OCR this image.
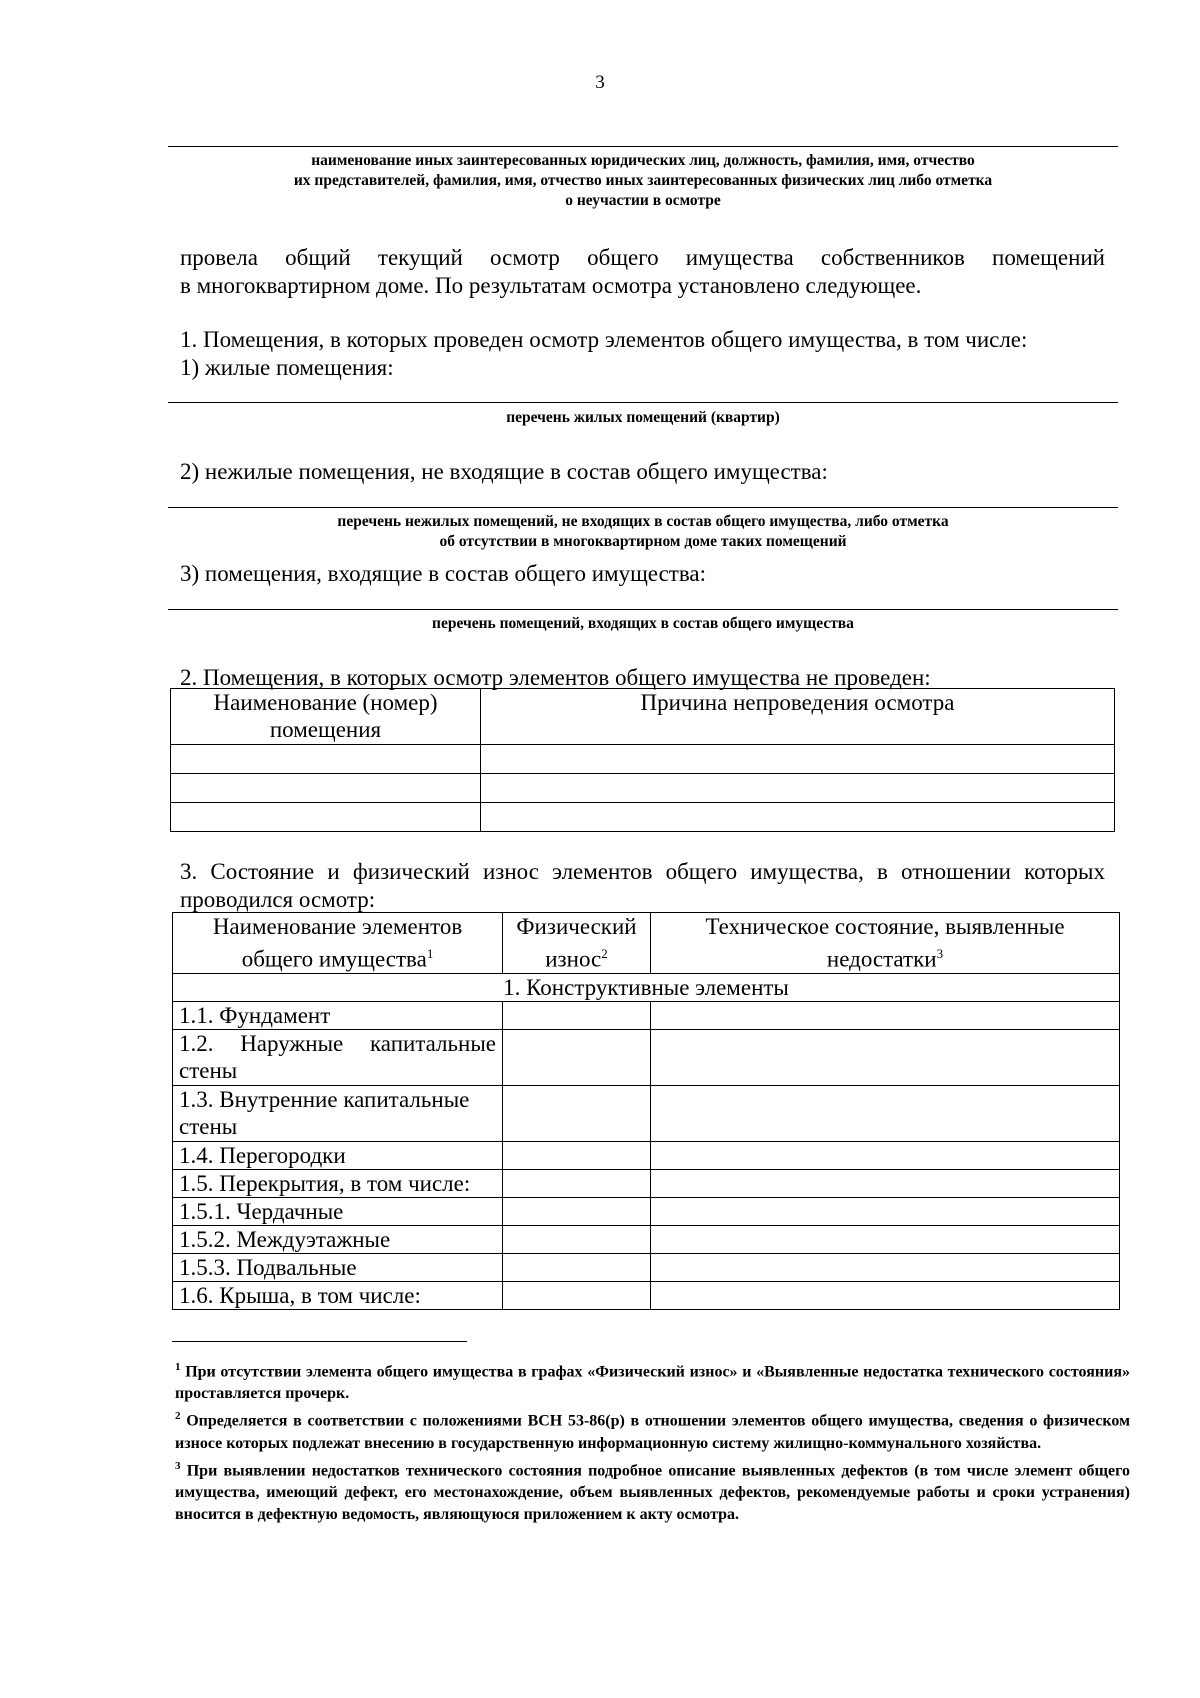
3
наименование иных заинтересованных юридических лиц, должность, фамилия, имя, отчество
их представителей, фамилия, имя, отчество иных заинтересованных физических лиц либо отметка
о неучастии в осмотре
провела общий текущий осмотр общего имущества собственников помещений
в многоквартирном доме. По результатам осмотра установлено следующее.
1. Помещения, в которых проведен осмотр элементов общего имущества, в том числе:
1) жилые помещения:
перечень жилых помещений (квартир)
2) нежилые помещения, не входящие в состав общего имущества:
перечень нежилых помещений, не входящих в состав общего имущества, либо отметка
об отсутствии в многоквартирном доме таких помещений
3) помещения, входящие в состав общего имущества:
перечень помещений, входящих в состав общего имущества
2. Помещения, в которых осмотр элементов общего имущества не проведен:
Наименование (номер) помещения	Причина непроведения осмотра

3. Состояние и физический износ элементов общего имущества, в отношении которых
проводился осмотр:
Наименование элементов общего имущества$^1$	Физический износ$^2$	Техническое состояние, выявленные недостатки$^3$
1. Конструктивные элементы		
1.1. Фундамент		
1.2. Наружные капитальные стены		
1.3. Внутренние капитальные стены		
1.4. Перегородки		
1.5. Перекрытия, в том числе:		
1.5.1. Чердачные		
1.5.2. Междуэтажные		
1.5.3. Подвальные		
1.6. Крыша, в том числе:		

$^1$ При отсутствии элемента общего имущества в графах «Физический износ» и «Выявленные недостатка технического состояния» проставляется прочерк.

$^2$ Определяется в соответствии с положениями ВСН 53-86(р) в отношении элементов общего имущества, сведения о физическом износе которых подлежат внесению в государственную информационную систему жилищно-коммунального хозяйства.

$^3$ При выявлении недостатков технического состояния подробное описание выявленных дефектов (в том числе элемент общего имущества, имеющий дефект, его местонахождение, объем выявленных дефектов, рекомендуемые работы и сроки устранения) вносится в дефектную ведомость, являющуюся приложением к акту осмотра.
